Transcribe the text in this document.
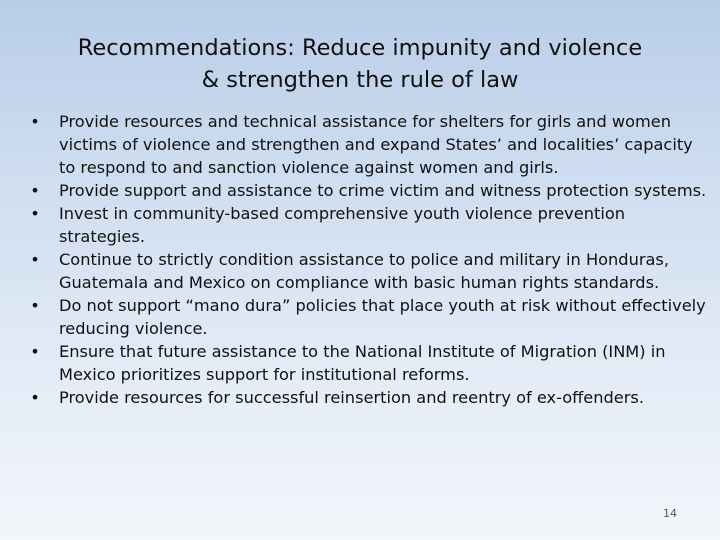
Recommendations: Reduce impunity and violence
& strengthen the rule of law
• Provide resources and technical assistance for shelters for girls and women victims of violence and strengthen and expand States’ and localities’ capacity to respond to and sanction violence against women and girls.
• Provide support and assistance to crime victim and witness protection systems.
• Invest in community-based comprehensive youth violence prevention strategies.
• Continue to strictly condition assistance to police and military in Honduras, Guatemala and Mexico on compliance with basic human rights standards.
• Do not support “mano dura” policies that place youth at risk without effectively reducing violence.
• Ensure that future assistance to the National Institute of Migration (INM) in Mexico prioritizes support for institutional reforms.
• Provide resources for successful reinsertion and reentry of ex-offenders.
14
